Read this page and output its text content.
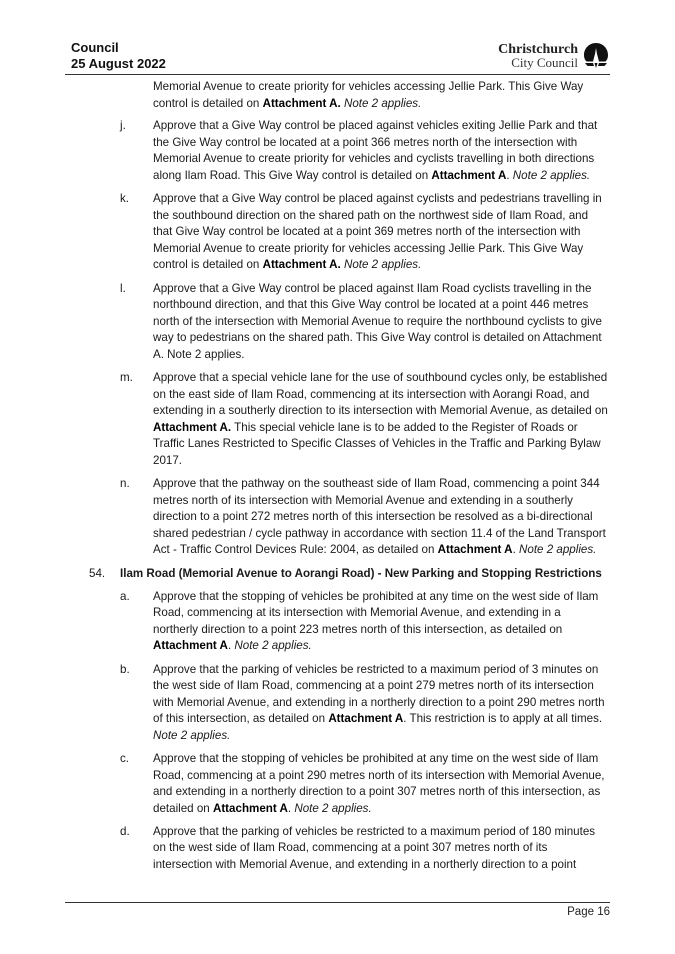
Council
25 August 2022
Christchurch
City Council
Memorial Avenue to create priority for vehicles accessing Jellie Park. This Give Way control is detailed on Attachment A. Note 2 applies.
j. Approve that a Give Way control be placed against vehicles exiting Jellie Park and that the Give Way control be located at a point 366 metres north of the intersection with Memorial Avenue to create priority for vehicles and cyclists travelling in both directions along Ilam Road. This Give Way control is detailed on Attachment A. Note 2 applies.
k. Approve that a Give Way control be placed against cyclists and pedestrians travelling in the southbound direction on the shared path on the northwest side of Ilam Road, and that Give Way control be located at a point 369 metres north of the intersection with Memorial Avenue to create priority for vehicles accessing Jellie Park. This Give Way control is detailed on Attachment A. Note 2 applies.
l. Approve that a Give Way control be placed against Ilam Road cyclists travelling in the northbound direction, and that this Give Way control be located at a point 446 metres north of the intersection with Memorial Avenue to require the northbound cyclists to give way to pedestrians on the shared path. This Give Way control is detailed on Attachment A. Note 2 applies.
m. Approve that a special vehicle lane for the use of southbound cycles only, be established on the east side of Ilam Road, commencing at its intersection with Aorangi Road, and extending in a southerly direction to its intersection with Memorial Avenue, as detailed on Attachment A. This special vehicle lane is to be added to the Register of Roads or Traffic Lanes Restricted to Specific Classes of Vehicles in the Traffic and Parking Bylaw 2017.
n. Approve that the pathway on the southeast side of Ilam Road, commencing a point 344 metres north of its intersection with Memorial Avenue and extending in a southerly direction to a point 272 metres north of this intersection be resolved as a bi-directional shared pedestrian / cycle pathway in accordance with section 11.4 of the Land Transport Act - Traffic Control Devices Rule: 2004, as detailed on Attachment A. Note 2 applies.
54. Ilam Road (Memorial Avenue to Aorangi Road) - New Parking and Stopping Restrictions
a. Approve that the stopping of vehicles be prohibited at any time on the west side of Ilam Road, commencing at its intersection with Memorial Avenue, and extending in a northerly direction to a point 223 metres north of this intersection, as detailed on Attachment A. Note 2 applies.
b. Approve that the parking of vehicles be restricted to a maximum period of 3 minutes on the west side of Ilam Road, commencing at a point 279 metres north of its intersection with Memorial Avenue, and extending in a northerly direction to a point 290 metres north of this intersection, as detailed on Attachment A. This restriction is to apply at all times. Note 2 applies.
c. Approve that the stopping of vehicles be prohibited at any time on the west side of Ilam Road, commencing at a point 290 metres north of its intersection with Memorial Avenue, and extending in a northerly direction to a point 307 metres north of this intersection, as detailed on Attachment A. Note 2 applies.
d. Approve that the parking of vehicles be restricted to a maximum period of 180 minutes on the west side of Ilam Road, commencing at a point 307 metres north of its intersection with Memorial Avenue, and extending in a northerly direction to a point
Page 16
